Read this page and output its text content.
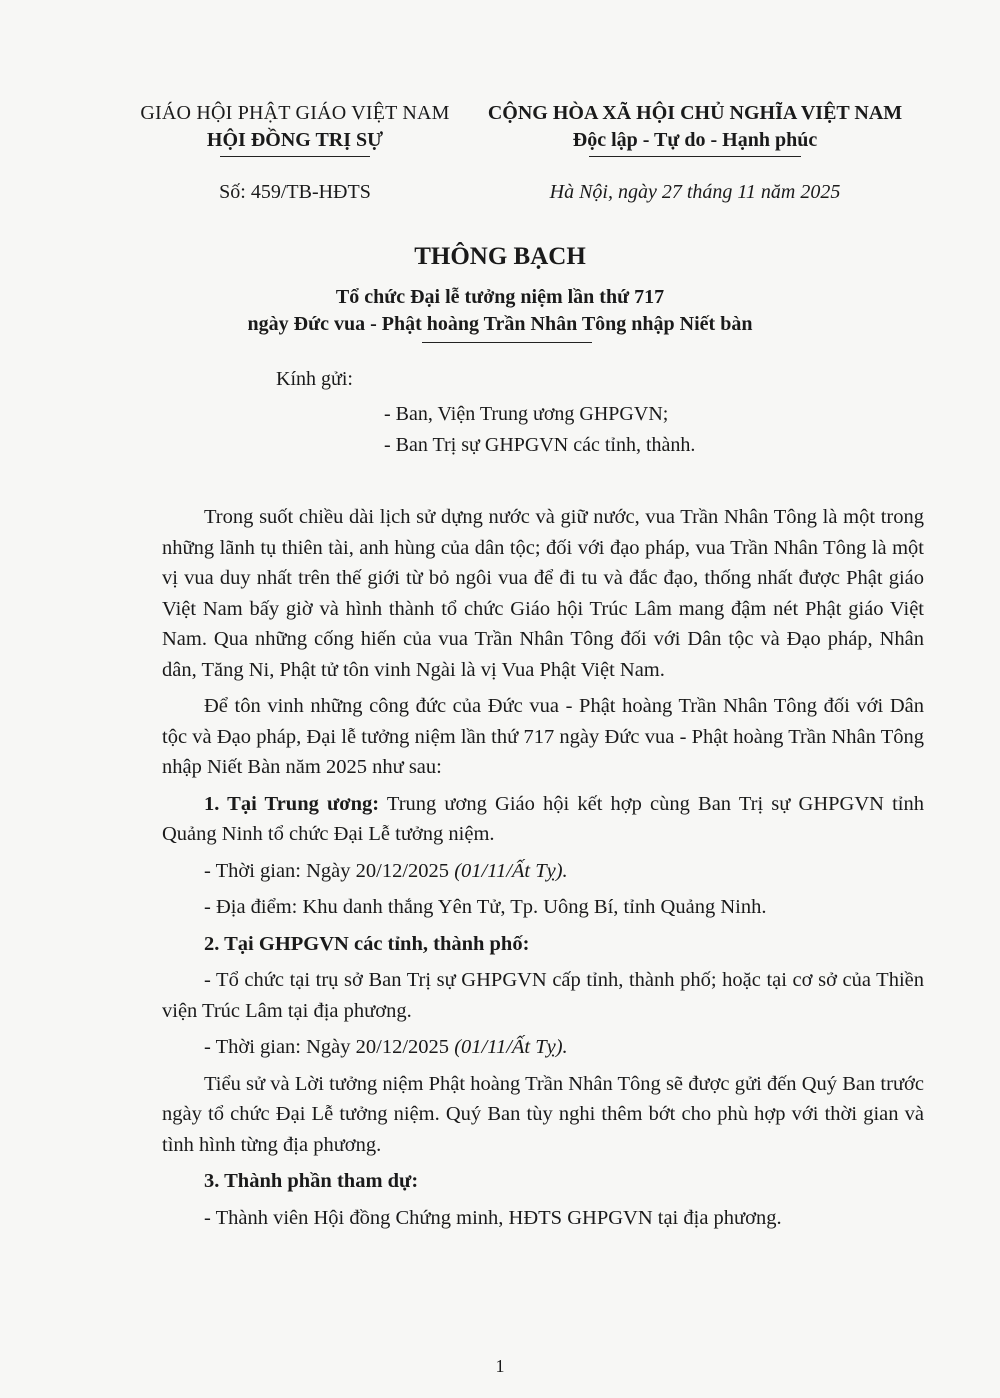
GIÁO HỘI PHẬT GIÁO VIỆT NAM
HỘI ĐỒNG TRỊ SỰ
Số: 459/TB-HĐTS
CỘNG HÒA XÃ HỘI CHỦ NGHĨA VIỆT NAM
Độc lập - Tự do - Hạnh phúc
Hà Nội, ngày 27 tháng 11 năm 2025
THÔNG BẠCH
Tổ chức Đại lễ tưởng niệm lần thứ 717
ngày Đức vua - Phật hoàng Trần Nhân Tông nhập Niết bàn
Kính gửi:
- Ban, Viện Trung ương GHPGVN;
- Ban Trị sự GHPGVN các tỉnh, thành.

Trong suốt chiều dài lịch sử dựng nước và giữ nước, vua Trần Nhân Tông là một trong những lãnh tụ thiên tài, anh hùng của dân tộc; đối với đạo pháp, vua Trần Nhân Tông là một vị vua duy nhất trên thế giới từ bỏ ngôi vua để đi tu và đắc đạo, thống nhất được Phật giáo Việt Nam bấy giờ và hình thành tổ chức Giáo hội Trúc Lâm mang đậm nét Phật giáo Việt Nam. Qua những cống hiến của vua Trần Nhân Tông đối với Dân tộc và Đạo pháp, Nhân dân, Tăng Ni, Phật tử tôn vinh Ngài là vị Vua Phật Việt Nam.

Để tôn vinh những công đức của Đức vua - Phật hoàng Trần Nhân Tông đối với Dân tộc và Đạo pháp, Đại lễ tưởng niệm lần thứ 717 ngày Đức vua - Phật hoàng Trần Nhân Tông nhập Niết Bàn năm 2025 như sau:

1. Tại Trung ương: Trung ương Giáo hội kết hợp cùng Ban Trị sự GHPGVN tỉnh Quảng Ninh tổ chức Đại Lễ tưởng niệm.

- Thời gian: Ngày 20/12/2025 (01/11/Ất Tỵ).

- Địa điểm: Khu danh thắng Yên Tử, Tp. Uông Bí, tỉnh Quảng Ninh.

2. Tại GHPGVN các tỉnh, thành phố:

- Tổ chức tại trụ sở Ban Trị sự GHPGVN cấp tỉnh, thành phố; hoặc tại cơ sở của Thiền viện Trúc Lâm tại địa phương.

- Thời gian: Ngày 20/12/2025 (01/11/Ất Tỵ).

Tiểu sử và Lời tưởng niệm Phật hoàng Trần Nhân Tông sẽ được gửi đến Quý Ban trước ngày tổ chức Đại Lễ tưởng niệm. Quý Ban tùy nghi thêm bớt cho phù hợp với thời gian và tình hình từng địa phương.

3. Thành phần tham dự:

- Thành viên Hội đồng Chứng minh, HĐTS GHPGVN tại địa phương.

1
